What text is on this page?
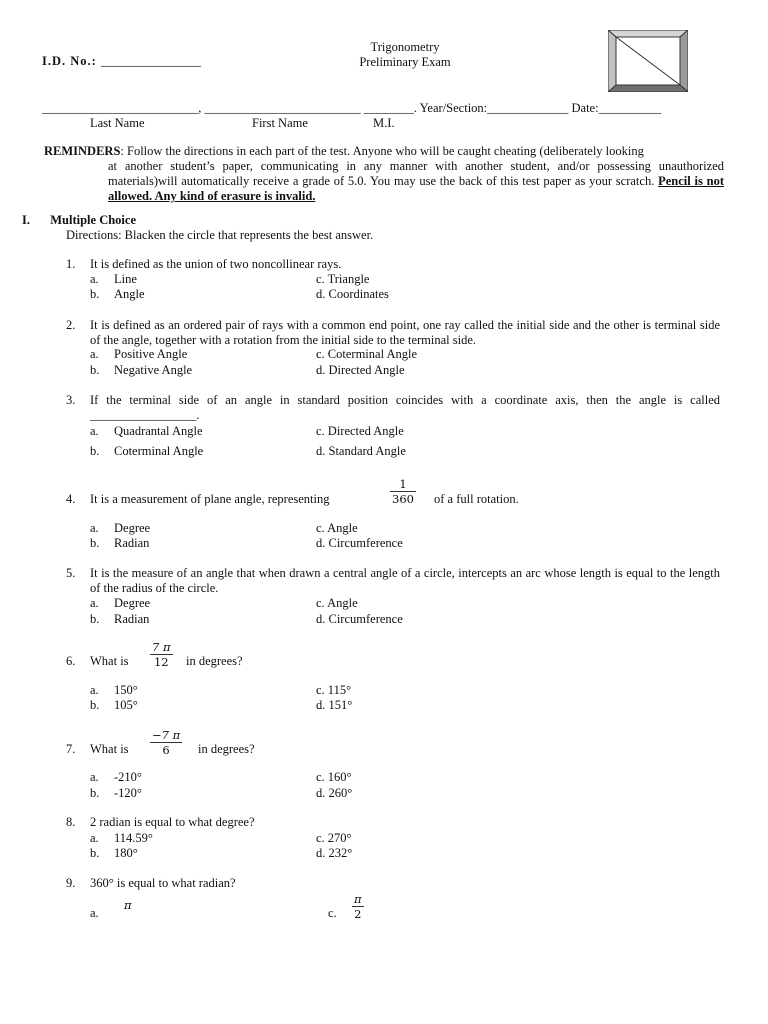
Trigonometry
Preliminary Exam
I.D. No.: ________________
_________________________, _________________________ ________. Year/Section:_____________ Date:__________
Last Name	First Name	M.I.
REMINDERS: Follow the directions in each part of the test. Anyone who will be caught cheating (deliberately looking
at another student’s paper, communicating in any manner with another student, and/or possessing unauthorized materials)will automatically receive a grade of 5.0. You may use the back of this test paper as your scratch. Pencil is not allowed. Any kind of erasure is invalid.
I. Multiple Choice
Directions: Blacken the circle that represents the best answer.
1. It is defined as the union of two noncollinear rays.
a. Line	c. Triangle
b. Angle	d. Coordinates
2. It is defined as an ordered pair of rays with a common end point, one ray called the initial side and the other is terminal side of the angle, together with a rotation from the initial side to the terminal side.
a. Positive Angle	c. Coterminal Angle
b. Negative Angle	d. Directed Angle
3. If the terminal side of an angle in standard position coincides with a coordinate axis, then the angle is called _________________.
a. Quadrantal Angle	c. Directed Angle
b. Coterminal Angle	d. Standard Angle
4. It is a measurement of plane angle, representing
1
360 of a full rotation.
a. Degree	c. Angle
b. Radian	d. Circumference
5. It is the measure of an angle that when drawn a central angle of a circle, intercepts an arc whose length is equal to the length of the radius of the circle.
a. Degree	c. Angle
b. Radian	d. Circumference
6. What is
7 π
12 in degrees?
a. 150°	c. 115°
b. 105°	d. 151°
7. What is
−7 π
6 in degrees?
a. -210°	c. 160°
b. -120°	d. 260°
8. 2 radian is equal to what degree?
a. 114.59°	c. 270°
b. 180°	d. 232°
9. 360° is equal to what radian?
a.
π
c.
π
2
